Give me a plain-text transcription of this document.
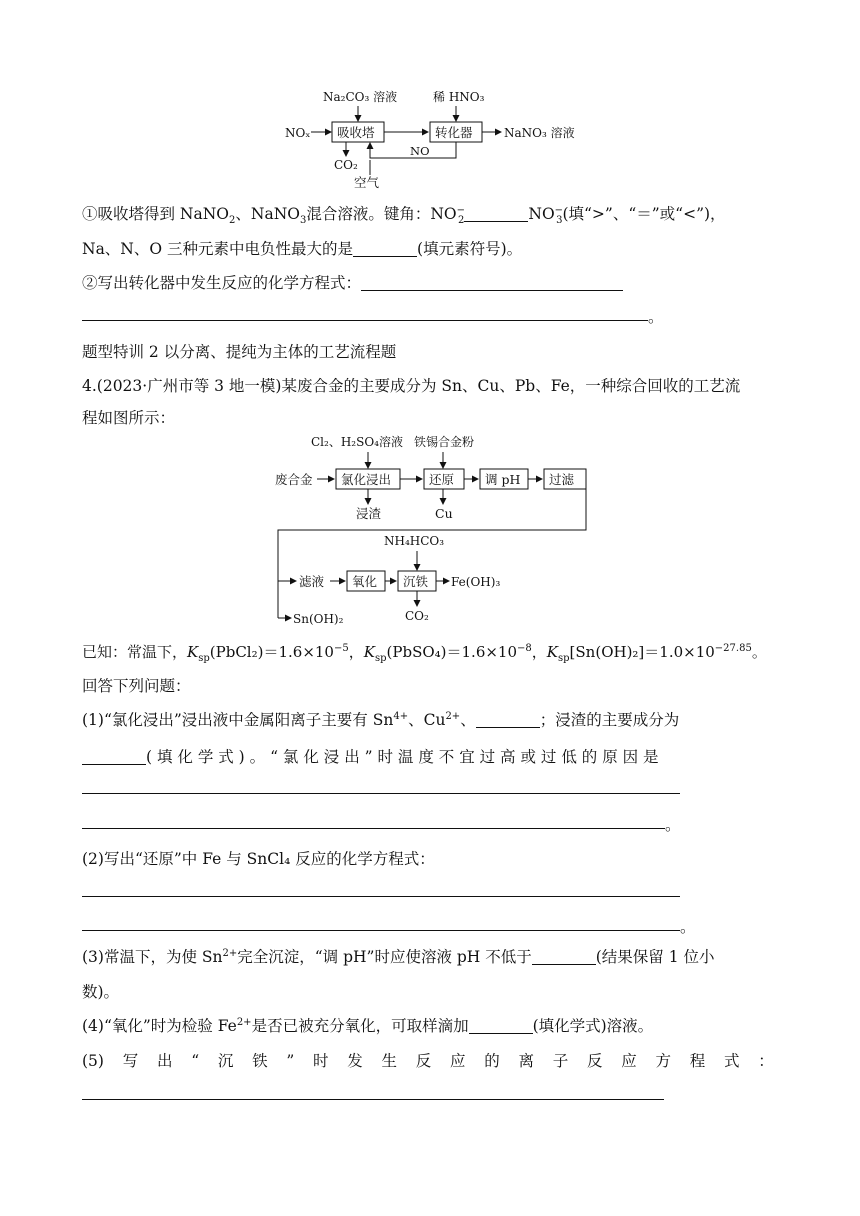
Na₂CO₃ 溶液	稀 HNO₃
NOₓ 吸收塔	转化器	NaNO₃ 溶液
CO₂
NO
空气
①吸收塔得到 NaNO$_2$、NaNO$_3$混合溶液。键角：$NO^-_2$	$NO^-_3$(填“>”、“＝”或“<”)，
Na、N、O 三种元素中电负性最大的是	(填元素符号)。
②写出转化器中发生反应的化学方程式：
。
题型特训 2 以分离、提纯为主体的工艺流程题
4.(2023·广州市等 3 地一模)某废合金的主要成分为 Sn、Cu、Pb、Fe，一种综合回收的工艺流
程如图所示：
Cl₂、H₂SO₄溶液 铁锡合金粉
废合金 氯化浸出	还原 调 pH 过滤
浸渣	Cu
滤液 氧化 沉铁
NH₄HCO₃
Fe(OH)₃
CO₂
Sn(OH)₂
已知：常温下，$K_{sp}(PbCl_2)=1.6\times 10^{-5}$，$K_{sp}(PbSO_4)=1.6\times 10^{-8}$，$K_{sp}[Sn(OH)_2]=1.0\times 10^{-27.85}$。
回答下列问题：
(1)“氯化浸出”浸出液中金属阳离子主要有 $Sn^{4+}$、$Cu^{2+}$、	；浸渣的主要成分为
( 填 化 学 式 ) 。 “ 氯 化 浸 出 ” 时 温 度 不 宜 过 高 或 过 低 的 原 因 是
。
(2)写出“还原”中 Fe 与 SnCl₄ 反应的化学方程式：
。
(3)常温下，为使 $Sn^{2+}$完全沉淀，“调 pH”时应使溶液 pH 不低于	(结果保留 1 位小
数)。
(4)“氧化”时为检验 $Fe^{2+}$是否已被充分氧化，可取样滴加	(填化学式)溶液。
(5) 写 出 “ 沉 铁 ” 时 发 生 反 应 的 离 子 反 应 方 程 式 ：
